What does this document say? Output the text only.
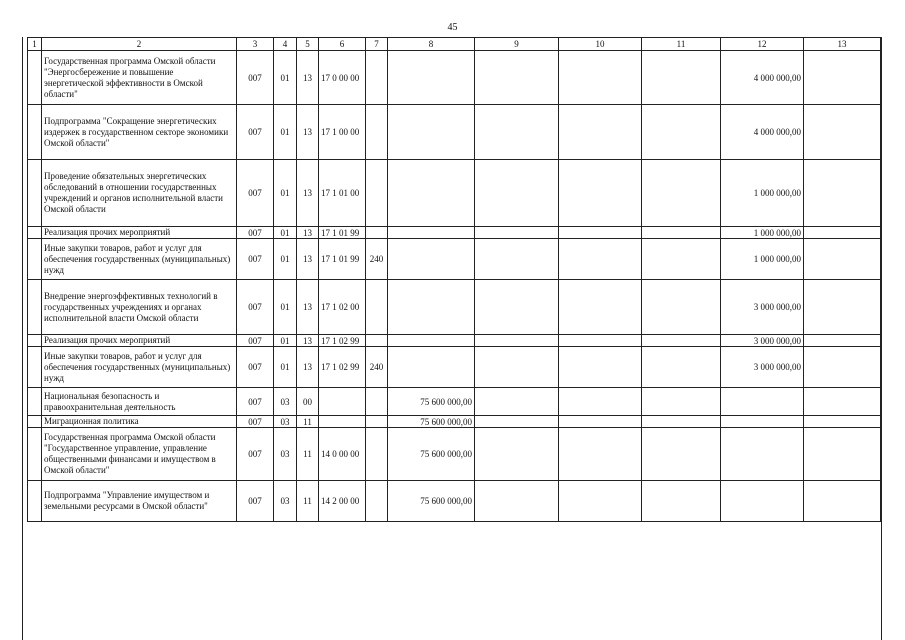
45
1	2	3	4	5	6	7	8	9	10	11	12	13
	Государственная программа Омской области "Энергосбережение и повышение энергетической эффективности в Омской области"	007	01	13	17 0 00 00						4 000 000,00	
	Подпрограмма "Сокращение энергетических издержек в государственном секторе экономики Омской области"	007	01	13	17 1 00 00						4 000 000,00	
	Проведение обязательных энергетических обследований в отношении государственных учреждений и органов исполнительной власти Омской области	007	01	13	17 1 01 00						1 000 000,00	
	Реализация прочих мероприятий	007	01	13	17 1 01 99						1 000 000,00	
	Иные закупки товаров, работ и услуг для обеспечения государственных (муниципальных) нужд	007	01	13	17 1 01 99	240					1 000 000,00	
	Внедрение энергоэффективных технологий в государственных учреждениях и органах исполнительной власти Омской области	007	01	13	17 1 02 00						3 000 000,00	
	Реализация прочих мероприятий	007	01	13	17 1 02 99						3 000 000,00	
	Иные закупки товаров, работ и услуг для обеспечения государственных (муниципальных) нужд	007	01	13	17 1 02 99	240					3 000 000,00	
	Национальная безопасность и правоохранительная деятельность	007	03	00			75 600 000,00					
	Миграционная политика	007	03	11			75 600 000,00					
	Государственная программа Омской области "Государственное управление, управление общественными финансами и имуществом в Омской области"	007	03	11	14 0 00 00		75 600 000,00					
	Подпрограмма "Управление имуществом и земельными ресурсами в Омской области"	007	03	11	14 2 00 00		75 600 000,00					
